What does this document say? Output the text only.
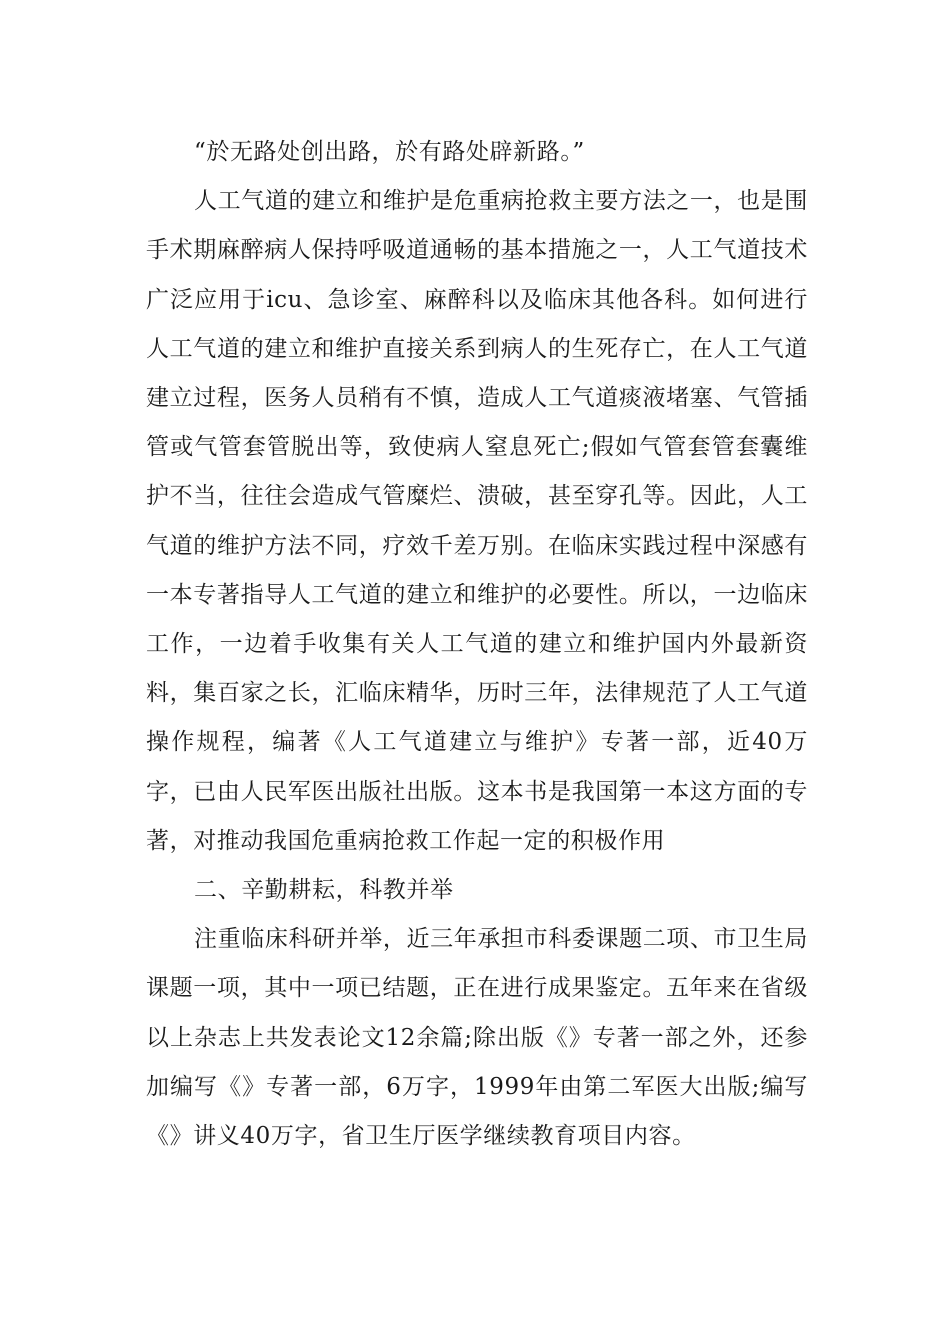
“於无路处创出路，於有路处辟新路。”

人工气道的建立和维护是危重病抢救主要方法之一，也是围手术期麻醉病人保持呼吸道通畅的基本措施之一，人工气道技术广泛应用于icu、急诊室、麻醉科以及临床其他各科。如何进行人工气道的建立和维护直接关系到病人的生死存亡，在人工气道建立过程，医务人员稍有不慎，造成人工气道痰液堵塞、气管插管或气管套管脱出等，致使病人窒息死亡;假如气管套管套囊维护不当，往往会造成气管糜烂、溃破，甚至穿孔等。因此，人工气道的维护方法不同，疗效千差万别。在临床实践过程中深感有一本专著指导人工气道的建立和维护的必要性。所以，一边临床工作，一边着手收集有关人工气道的建立和维护国内外最新资料，集百家之长，汇临床精华，历时三年，法律规范了人工气道操作规程，编著《人工气道建立与维护》专著一部，近40万字，已由人民军医出版社出版。这本书是我国第一本这方面的专著，对推动我国危重病抢救工作起一定的积极作用

二、辛勤耕耘，科教并举

注重临床科研并举，近三年承担市科委课题二项、市卫生局课题一项，其中一项已结题，正在进行成果鉴定。五年来在省级以上杂志上共发表论文12余篇;除出版《》专著一部之外，还参加编写《》专著一部，6万字，1999年由第二军医大出版;编写《》讲义40万字，省卫生厅医学继续教育项目内容。
